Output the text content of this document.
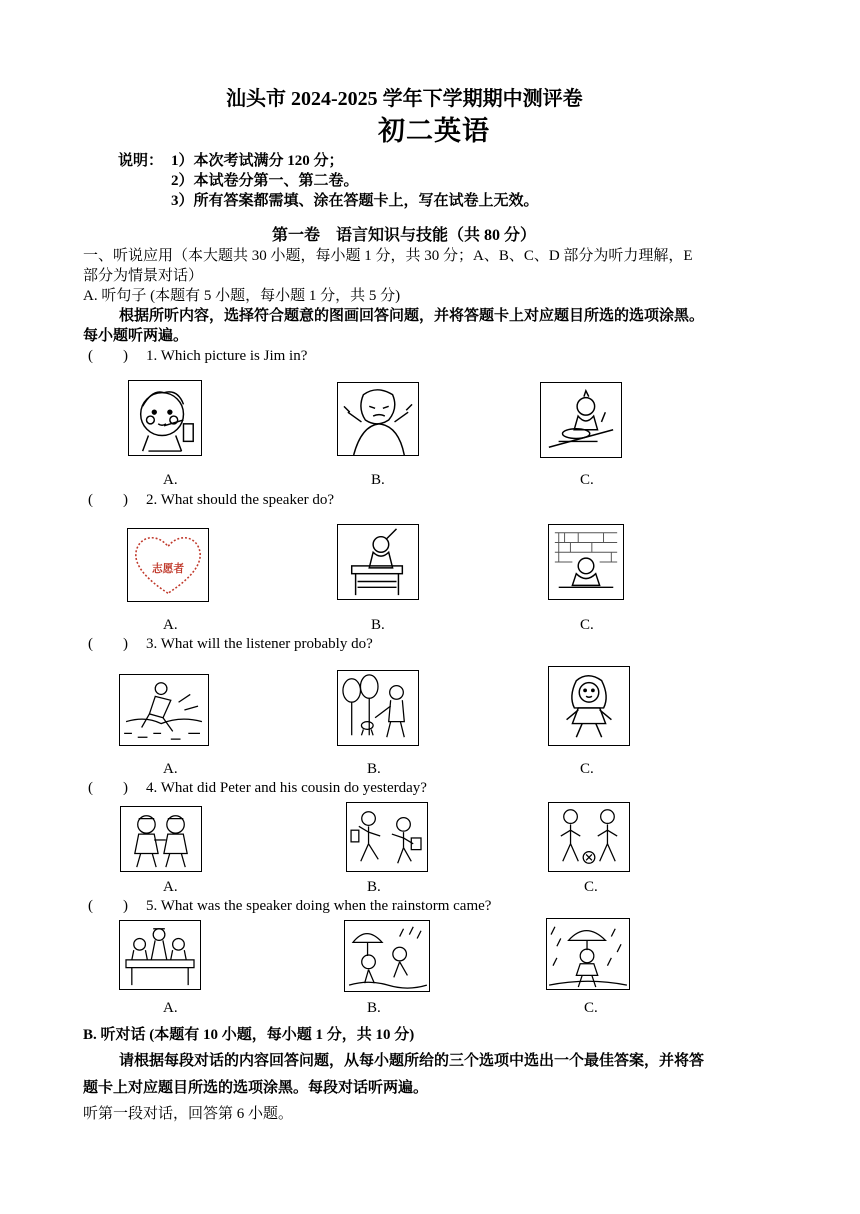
汕头市 2024-2025 学年下学期期中测评卷
初二英语
说明： 1）本次考试满分 120 分；
2）本试卷分第一、第二卷。
3）所有答案都需填、涂在答题卡上，写在试卷上无效。
第一卷　语言知识与技能（共 80 分）
一、听说应用（本大题共 30 小题，每小题 1 分，共 30 分；A、B、C、D 部分为听力理解，E
部分为情景对话）
A. 听句子 (本题有 5 小题，每小题 1 分，共 5 分)
根据所听内容，选择符合题意的图画回答问题，并将答题卡上对应题目所选的选项涂黑。
每小题听两遍。
(　　) 1. Which picture is Jim in?
A.	B.	C.
(　　) 2. What should the speaker do?
志愿者
A.	B.	C.
(　　) 3. What will the listener probably do?
A.	B.	C.
(　　) 4. What did Peter and his cousin do yesterday?
A.	B.	C.
(　　) 5. What was the speaker doing when the rainstorm came?
A.	B.	C.
B. 听对话 (本题有 10 小题，每小题 1 分，共 10 分)
请根据每段对话的内容回答问题，从每小题所给的三个选项中选出一个最佳答案，并将答
题卡上对应题目所选的选项涂黑。每段对话听两遍。
听第一段对话，回答第 6 小题。
